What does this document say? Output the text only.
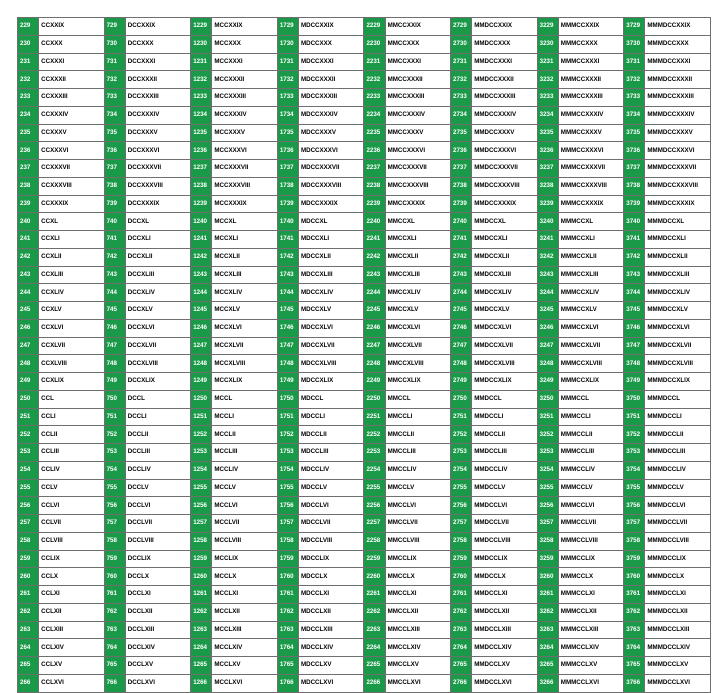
229	CCXXIX	729	DCCXXIX	1229	MCCXXIX	1729	MDCCXXIX	2229	MMCCXXIX	2729	MMDCCXXIX	3229	MMMCCXXIX	3729	MMMDCCXXIX
230	CCXXX	730	DCCXXX	1230	MCCXXX	1730	MDCCXXX	2230	MMCCXXX	2730	MMDCCXXX	3230	MMMCCXXX	3730	MMMDCCXXX
231	CCXXXI	731	DCCXXXI	1231	MCCXXXI	1731	MDCCXXXI	2231	MMCCXXXI	2731	MMDCCXXXI	3231	MMMCCXXXI	3731	MMMDCCXXXI
232	CCXXXII	732	DCCXXXII	1232	MCCXXXII	1732	MDCCXXXII	2232	MMCCXXXII	2732	MMDCCXXXII	3232	MMMCCXXXII	3732	MMMDCCXXXII
233	CCXXXIII	733	DCCXXXIII	1233	MCCXXXIII	1733	MDCCXXXIII	2233	MMCCXXXIII	2733	MMDCCXXXIII	3233	MMMCCXXXIII	3733	MMMDCCXXXIII
234	CCXXXIV	734	DCCXXXIV	1234	MCCXXXIV	1734	MDCCXXXIV	2234	MMCCXXXIV	2734	MMDCCXXXIV	3234	MMMCCXXXIV	3734	MMMDCCXXXIV
235	CCXXXV	735	DCCXXXV	1235	MCCXXXV	1735	MDCCXXXV	2235	MMCCXXXV	2735	MMDCCXXXV	3235	MMMCCXXXV	3735	MMMDCCXXXV
236	CCXXXVI	736	DCCXXXVI	1236	MCCXXXVI	1736	MDCCXXXVI	2236	MMCCXXXVI	2736	MMDCCXXXVI	3236	MMMCCXXXVI	3736	MMMDCCXXXVI
237	CCXXXVII	737	DCCXXXVII	1237	MCCXXXVII	1737	MDCCXXXVII	2237	MMCCXXXVII	2737	MMDCCXXXVII	3237	MMMCCXXXVII	3737	MMMDCCXXXVII
238	CCXXXVIII	738	DCCXXXVIII	1238	MCCXXXVIII	1738	MDCCXXXVIII	2238	MMCCXXXVIII	2738	MMDCCXXXVIII	3238	MMMCCXXXVIII	3738	MMMDCCXXXVIII
239	CCXXXIX	739	DCCXXXIX	1239	MCCXXXIX	1739	MDCCXXXIX	2239	MMCCXXXIX	2739	MMDCCXXXIX	3239	MMMCCXXXIX	3739	MMMDCCXXXIX
240	CCXL	740	DCCXL	1240	MCCXL	1740	MDCCXL	2240	MMCCXL	2740	MMDCCXL	3240	MMMCCXL	3740	MMMDCCXL
241	CCXLI	741	DCCXLI	1241	MCCXLI	1741	MDCCXLI	2241	MMCCXLI	2741	MMDCCXLI	3241	MMMCCXLI	3741	MMMDCCXLI
242	CCXLII	742	DCCXLII	1242	MCCXLII	1742	MDCCXLII	2242	MMCCXLII	2742	MMDCCXLII	3242	MMMCCXLII	3742	MMMDCCXLII
243	CCXLIII	743	DCCXLIII	1243	MCCXLIII	1743	MDCCXLIII	2243	MMCCXLIII	2743	MMDCCXLIII	3243	MMMCCXLIII	3743	MMMDCCXLIII
244	CCXLIV	744	DCCXLIV	1244	MCCXLIV	1744	MDCCXLIV	2244	MMCCXLIV	2744	MMDCCXLIV	3244	MMMCCXLIV	3744	MMMDCCXLIV
245	CCXLV	745	DCCXLV	1245	MCCXLV	1745	MDCCXLV	2245	MMCCXLV	2745	MMDCCXLV	3245	MMMCCXLV	3745	MMMDCCXLV
246	CCXLVI	746	DCCXLVI	1246	MCCXLVI	1746	MDCCXLVI	2246	MMCCXLVI	2746	MMDCCXLVI	3246	MMMCCXLVI	3746	MMMDCCXLVI
247	CCXLVII	747	DCCXLVII	1247	MCCXLVII	1747	MDCCXLVII	2247	MMCCXLVII	2747	MMDCCXLVII	3247	MMMCCXLVII	3747	MMMDCCXLVII
248	CCXLVIII	748	DCCXLVIII	1248	MCCXLVIII	1748	MDCCXLVIII	2248	MMCCXLVIII	2748	MMDCCXLVIII	3248	MMMCCXLVIII	3748	MMMDCCXLVIII
249	CCXLIX	749	DCCXLIX	1249	MCCXLIX	1749	MDCCXLIX	2249	MMCCXLIX	2749	MMDCCXLIX	3249	MMMCCXLIX	3749	MMMDCCXLIX
250	CCL	750	DCCL	1250	MCCL	1750	MDCCL	2250	MMCCL	2750	MMDCCL	3250	MMMCCL	3750	MMMDCCL
251	CCLI	751	DCCLI	1251	MCCLI	1751	MDCCLI	2251	MMCCLI	2751	MMDCCLI	3251	MMMCCLI	3751	MMMDCCLI
252	CCLII	752	DCCLII	1252	MCCLII	1752	MDCCLII	2252	MMCCLII	2752	MMDCCLII	3252	MMMCCLII	3752	MMMDCCLII
253	CCLIII	753	DCCLIII	1253	MCCLIII	1753	MDCCLIII	2253	MMCCLIII	2753	MMDCCLIII	3253	MMMCCLIII	3753	MMMDCCLIII
254	CCLIV	754	DCCLIV	1254	MCCLIV	1754	MDCCLIV	2254	MMCCLIV	2754	MMDCCLIV	3254	MMMCCLIV	3754	MMMDCCLIV
255	CCLV	755	DCCLV	1255	MCCLV	1755	MDCCLV	2255	MMCCLV	2755	MMDCCLV	3255	MMMCCLV	3755	MMMDCCLV
256	CCLVI	756	DCCLVI	1256	MCCLVI	1756	MDCCLVI	2256	MMCCLVI	2756	MMDCCLVI	3256	MMMCCLVI	3756	MMMDCCLVI
257	CCLVII	757	DCCLVII	1257	MCCLVII	1757	MDCCLVII	2257	MMCCLVII	2757	MMDCCLVII	3257	MMMCCLVII	3757	MMMDCCLVII
258	CCLVIII	758	DCCLVIII	1258	MCCLVIII	1758	MDCCLVIII	2258	MMCCLVIII	2758	MMDCCLVIII	3258	MMMCCLVIII	3758	MMMDCCLVIII
259	CCLIX	759	DCCLIX	1259	MCCLIX	1759	MDCCLIX	2259	MMCCLIX	2759	MMDCCLIX	3259	MMMCCLIX	3759	MMMDCCLIX
260	CCLX	760	DCCLX	1260	MCCLX	1760	MDCCLX	2260	MMCCLX	2760	MMDCCLX	3260	MMMCCLX	3760	MMMDCCLX
261	CCLXI	761	DCCLXI	1261	MCCLXI	1761	MDCCLXI	2261	MMCCLXI	2761	MMDCCLXI	3261	MMMCCLXI	3761	MMMDCCLXI
262	CCLXII	762	DCCLXII	1262	MCCLXII	1762	MDCCLXII	2262	MMCCLXII	2762	MMDCCLXII	3262	MMMCCLXII	3762	MMMDCCLXII
263	CCLXIII	763	DCCLXIII	1263	MCCLXIII	1763	MDCCLXIII	2263	MMCCLXIII	2763	MMDCCLXIII	3263	MMMCCLXIII	3763	MMMDCCLXIII
264	CCLXIV	764	DCCLXIV	1264	MCCLXIV	1764	MDCCLXIV	2264	MMCCLXIV	2764	MMDCCLXIV	3264	MMMCCLXIV	3764	MMMDCCLXIV
265	CCLXV	765	DCCLXV	1265	MCCLXV	1765	MDCCLXV	2265	MMCCLXV	2765	MMDCCLXV	3265	MMMCCLXV	3765	MMMDCCLXV
266	CCLXVI	766	DCCLXVI	1266	MCCLXVI	1766	MDCCLXVI	2266	MMCCLXVI	2766	MMDCCLXVI	3266	MMMCCLXVI	3766	MMMDCCLXVI
